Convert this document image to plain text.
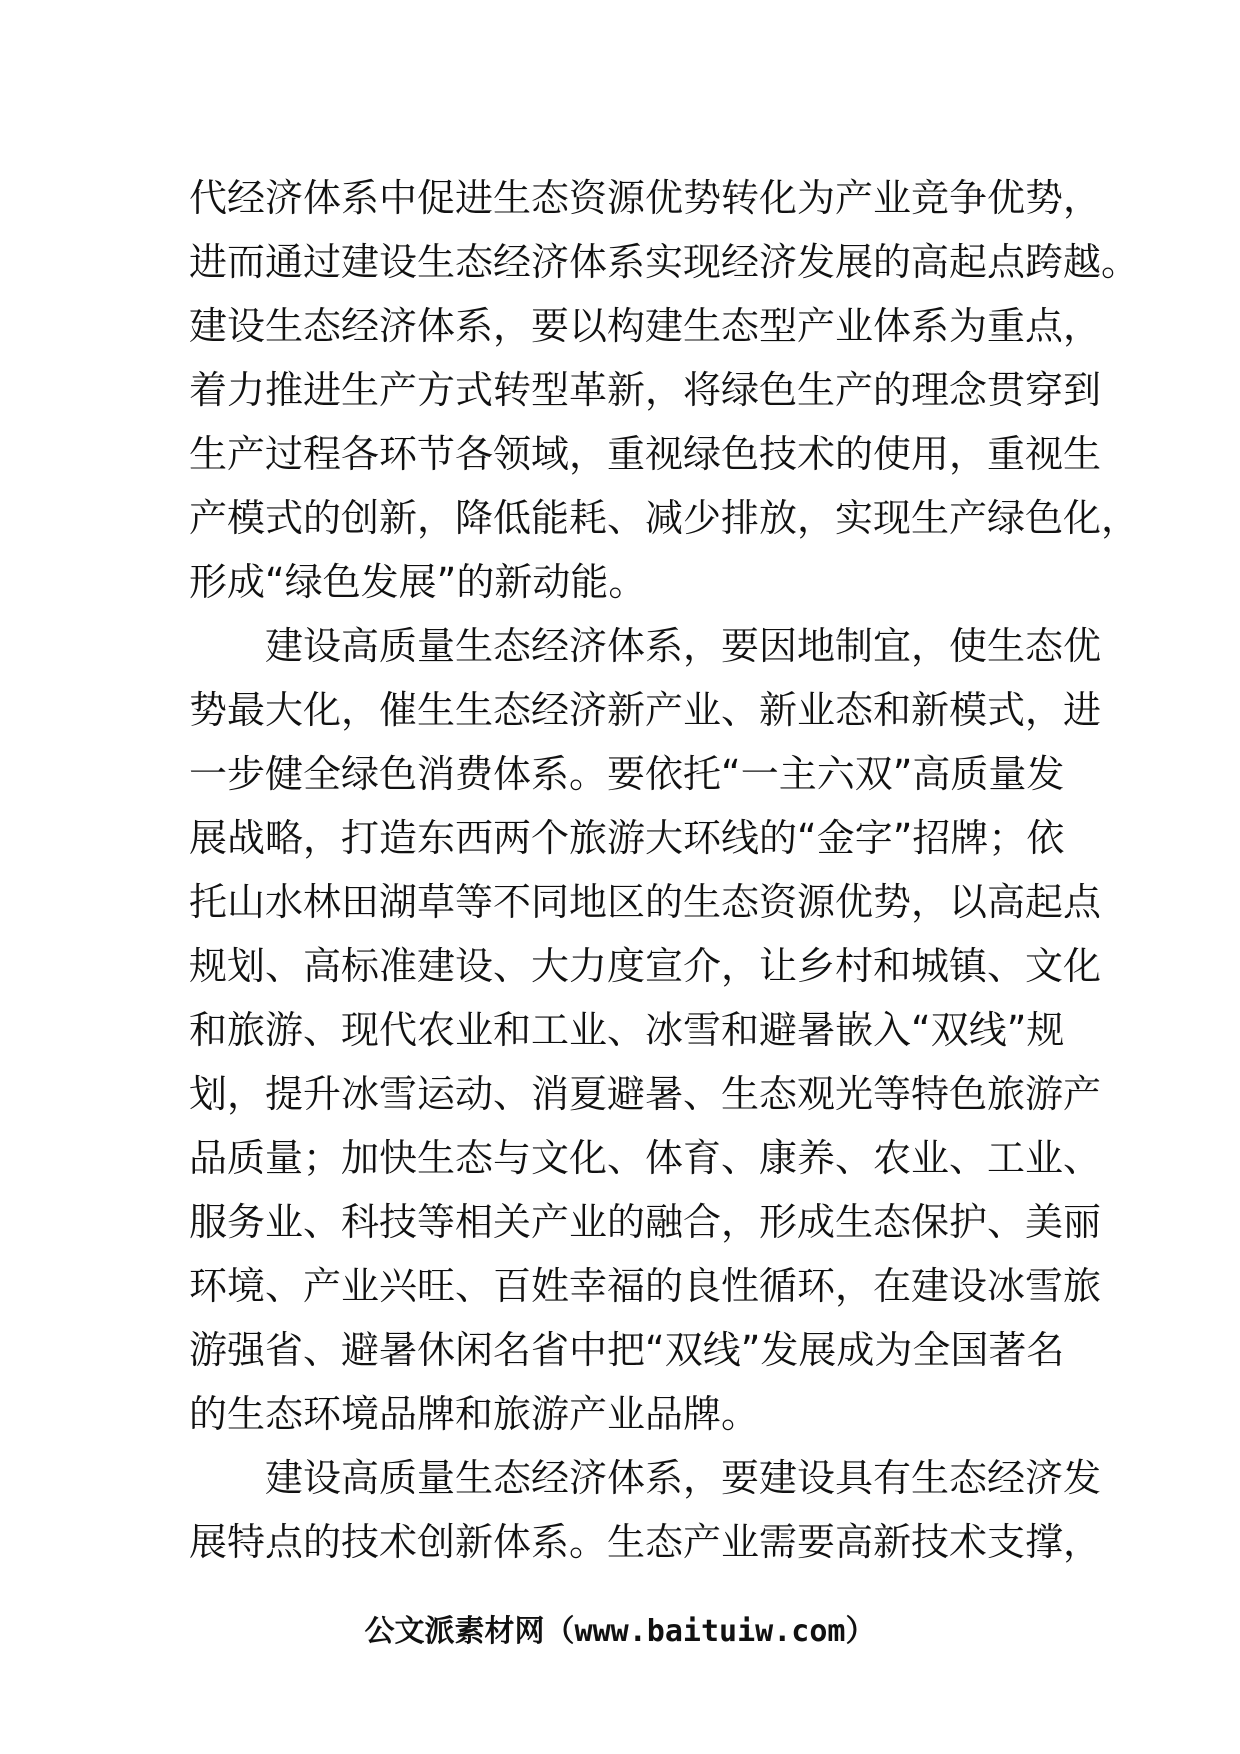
代经济体系中促进生态资源优势转化为产业竞争优势，
进而通过建设生态经济体系实现经济发展的高起点跨越。
建设生态经济体系，要以构建生态型产业体系为重点，
着力推进生产方式转型革新，将绿色生产的理念贯穿到
生产过程各环节各领域，重视绿色技术的使用，重视生
产模式的创新，降低能耗、减少排放，实现生产绿色化，
形成“绿色发展”的新动能。
建设高质量生态经济体系，要因地制宜，使生态优
势最大化，催生生态经济新产业、新业态和新模式，进
一步健全绿色消费体系。要依托“一主六双”高质量发
展战略，打造东西两个旅游大环线的“金字”招牌；依
托山水林田湖草等不同地区的生态资源优势，以高起点
规划、高标准建设、大力度宣介，让乡村和城镇、文化
和旅游、现代农业和工业、冰雪和避暑嵌入“双线”规
划，提升冰雪运动、消夏避暑、生态观光等特色旅游产
品质量；加快生态与文化、体育、康养、农业、工业、
服务业、科技等相关产业的融合，形成生态保护、美丽
环境、产业兴旺、百姓幸福的良性循环，在建设冰雪旅
游强省、避暑休闲名省中把“双线”发展成为全国著名
的生态环境品牌和旅游产业品牌。
建设高质量生态经济体系，要建设具有生态经济发
展特点的技术创新体系。生态产业需要高新技术支撑，
公文派素材网（www.baituiw.com）
